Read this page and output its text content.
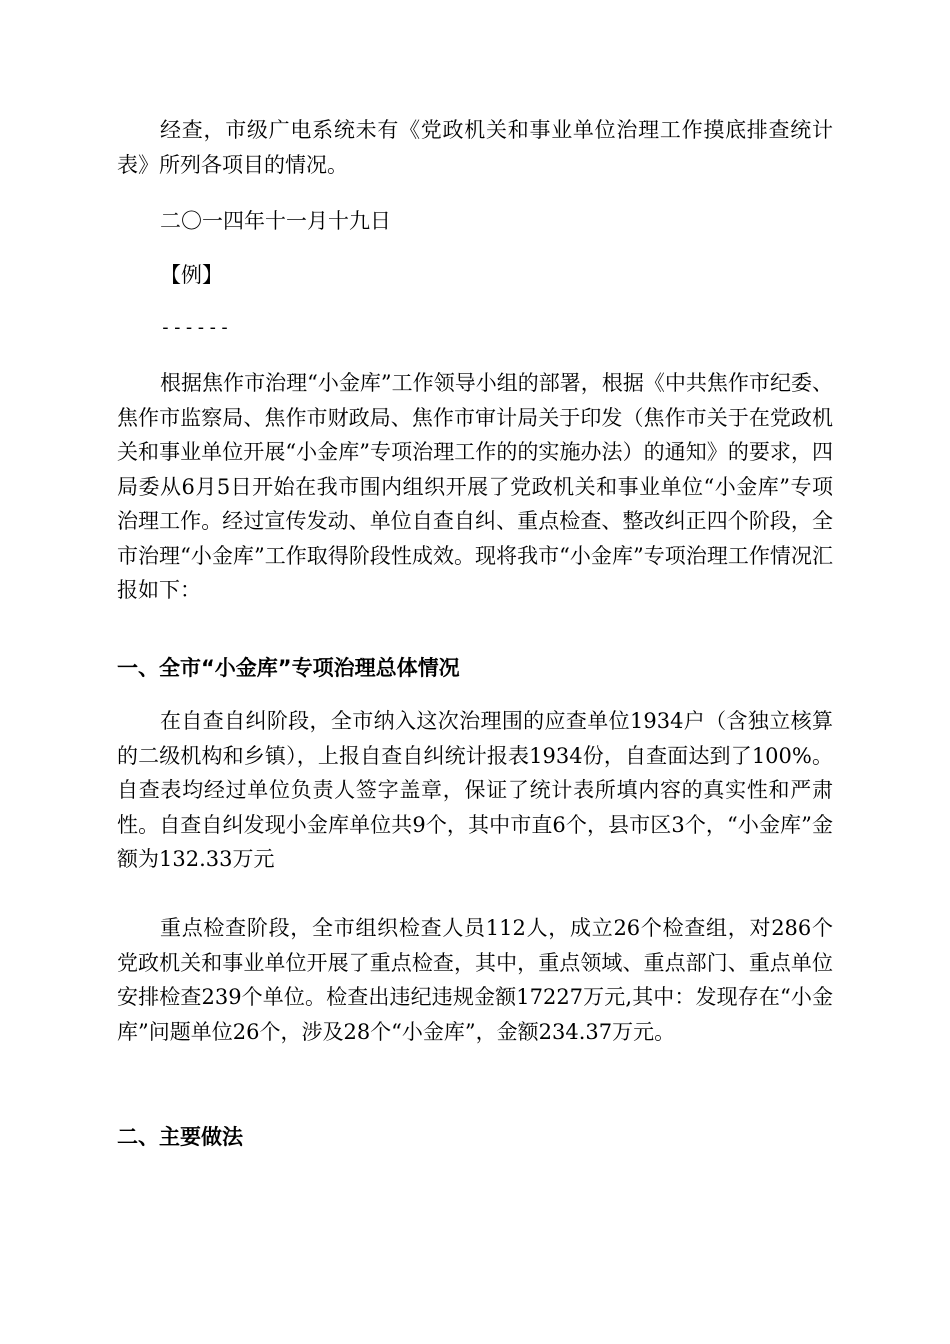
经查，市级广电系统未有《党政机关和事业单位治理工作摸底排查统计表》所列各项目的情况。

二〇一四年十一月十九日

【例】

------

根据焦作市治理“小金库”工作领导小组的部署，根据《中共焦作市纪委、焦作市监察局、焦作市财政局、焦作市审计局关于印发（焦作市关于在党政机关和事业单位开展“小金库”专项治理工作的的实施办法）的通知》的要求，四局委从6月5日开始在我市围内组织开展了党政机关和事业单位“小金库”专项治理工作。经过宣传发动、单位自查自纠、重点检查、整改纠正四个阶段，全市治理“小金库”工作取得阶段性成效。现将我市“小金库”专项治理工作情况汇报如下：

一、全市“小金库”专项治理总体情况

在自查自纠阶段，全市纳入这次治理围的应查单位1934户（含独立核算的二级机构和乡镇），上报自查自纠统计报表1934份，自查面达到了100%。自查表均经过单位负责人签字盖章，保证了统计表所填内容的真实性和严肃性。自查自纠发现小金库单位共9个，其中市直6个，县市区3个，“小金库”金额为132.33万元

重点检查阶段，全市组织检查人员112人，成立26个检查组，对286个党政机关和事业单位开展了重点检查，其中，重点领域、重点部门、重点单位安排检查239个单位。检查出违纪违规金额17227万元,其中：发现存在“小金库”问题单位26个，涉及28个“小金库”，金额234.37万元。

二、主要做法
